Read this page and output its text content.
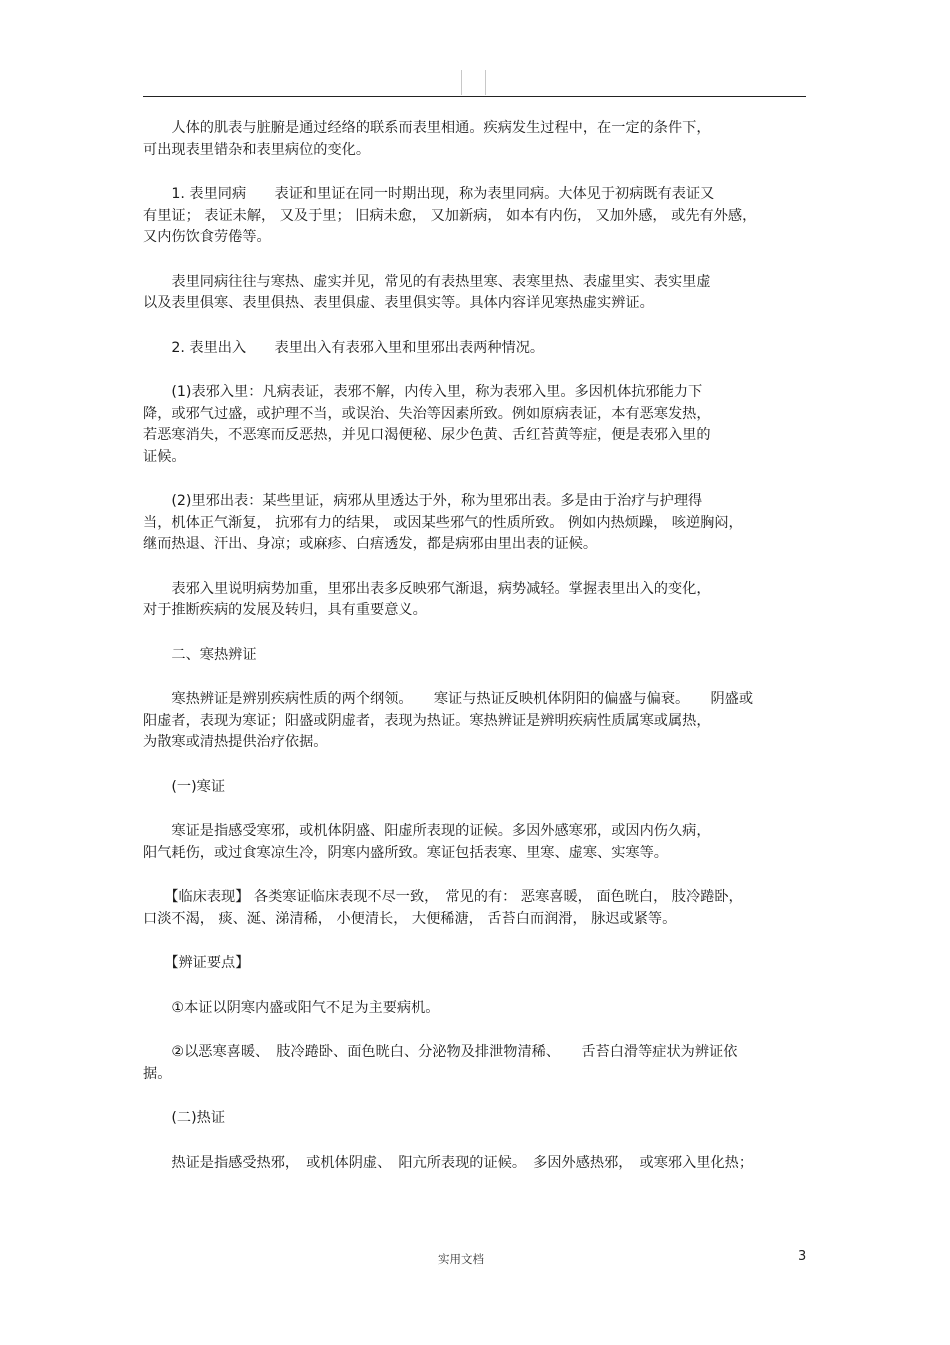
　　人体的肌表与脏腑是通过经络的联系而表里相通。疾病发生过程中，在一定的条件下，
可出现表里错杂和表里病位的变化。

　　1. 表里同病　　表证和里证在同一时期出现，称为表里同病。大体见于初病既有表证又
有里证； 表证未解， 又及于里； 旧病未愈， 又加新病， 如本有内伤， 又加外感， 或先有外感，
又内伤饮食劳倦等。

　　表里同病往往与寒热、虚实并见，常见的有表热里寒、表寒里热、表虚里实、表实里虚
以及表里俱寒、表里俱热、表里俱虚、表里俱实等。具体内容详见寒热虚实辨证。

　　2. 表里出入　　表里出入有表邪入里和里邪出表两种情况。

　　(1)表邪入里：凡病表证，表邪不解，内传入里，称为表邪入里。多因机体抗邪能力下
降，或邪气过盛，或护理不当，或误治、失治等因素所致。例如原病表证，本有恶寒发热，
若恶寒消失，不恶寒而反恶热，并见口渴便秘、尿少色黄、舌红苔黄等症，便是表邪入里的
证候。

　　(2)里邪出表：某些里证，病邪从里透达于外，称为里邪出表。多是由于治疗与护理得
当，机体正气渐复， 抗邪有力的结果， 或因某些邪气的性质所致。 例如内热烦躁， 咳逆胸闷，
继而热退、汗出、身凉；或麻疹、白痦透发，都是病邪由里出表的证候。

　　表邪入里说明病势加重，里邪出表多反映邪气渐退，病势减轻。掌握表里出入的变化，
对于推断疾病的发展及转归，具有重要意义。

　　二、寒热辨证

　　寒热辨证是辨别疾病性质的两个纲领。　　寒证与热证反映机体阴阳的偏盛与偏衰。　　阴盛或
阳虚者，表现为寒证；阳盛或阴虚者，表现为热证。寒热辨证是辨明疾病性质属寒或属热，
为散寒或清热提供治疗依据。

　　(一)寒证

　　寒证是指感受寒邪，或机体阴盛、阳虚所表现的证候。多因外感寒邪，或因内伤久病，
阳气耗伤，或过食寒凉生冷，阴寒内盛所致。寒证包括表寒、里寒、虚寒、实寒等。

　　【临床表现】 各类寒证临床表现不尽一致，　常见的有： 恶寒喜暖， 面色晄白， 肢冷踡卧，
口淡不渴， 痰、涎、涕清稀， 小便清长， 大便稀溏， 舌苔白而润滑， 脉迟或紧等。

　　【辨证要点】

　　①本证以阴寒内盛或阳气不足为主要病机。

　　②以恶寒喜暖、　肢冷踡卧、面色晄白、分泌物及排泄物清稀、　　舌苔白滑等症状为辨证依
据。

　　(二)热证

　　热证是指感受热邪，　或机体阴虚、　阳亢所表现的证候。　多因外感热邪，　或寒邪入里化热；

实用文档	3
